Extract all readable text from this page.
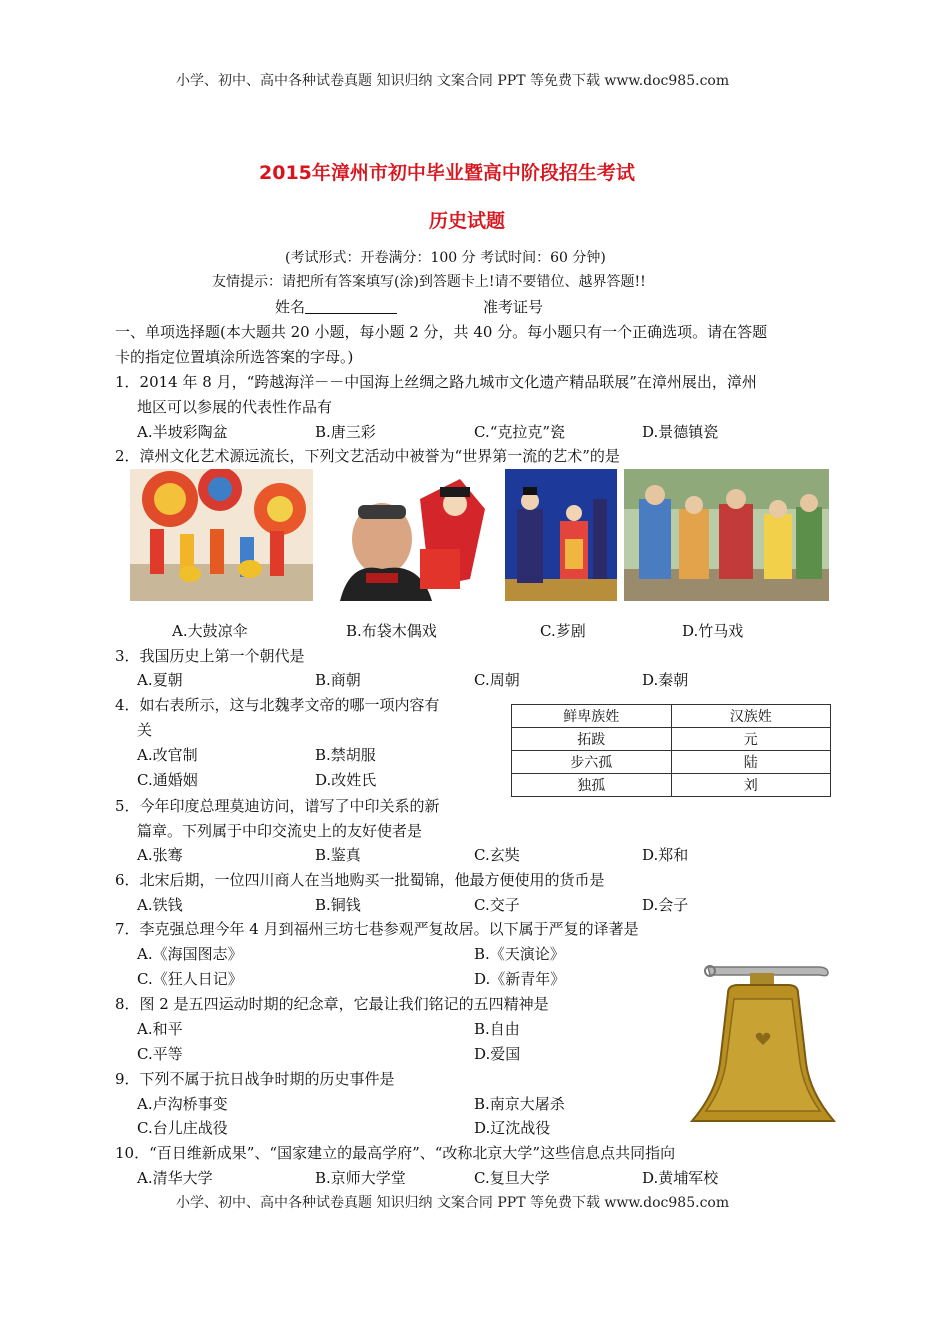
小学、初中、高中各种试卷真题 知识归纳 文案合同 PPT 等免费下载 www.doc985.com
2015年漳州市初中毕业暨高中阶段招生考试
历史试题
(考试形式：开卷满分：100 分 考试时间：60 分钟)
友情提示：请把所有答案填写(涂)到答题卡上!请不要错位、越界答题!!
姓名	准考证号
一、单项选择题(本大题共 20 小题，每小题 2 分，共 40 分。每小题只有一个正确选项。请在答题
卡的指定位置填涂所选答案的字母。)
1．2014 年 8 月，“跨越海洋－－中国海上丝绸之路九城市文化遗产精品联展”在漳州展出，漳州
地区可以参展的代表性作品有
A.半坡彩陶盆	B.唐三彩	C.“克拉克”瓷	D.景德镇瓷
2．漳州文化艺术源远流长，下列文艺活动中被誉为“世界第一流的艺术”的是
A.大鼓凉伞	B.布袋木偶戏	C.芗剧	D.竹马戏
3．我国历史上第一个朝代是
A.夏朝	B.商朝	C.周朝	D.秦朝
4．如右表所示，这与北魏孝文帝的哪一项内容有
关
A.改官制	B.禁胡服
C.通婚姻	D.改姓氏
鲜卑族姓	汉族姓
拓跋	元
步六孤	陆
独孤	刘
5．今年印度总理莫迪访问，谱写了中印关系的新
篇章。下列属于中印交流史上的友好使者是
A.张骞	B.鉴真	C.玄奘	D.郑和
6．北宋后期，一位四川商人在当地购买一批蜀锦，他最方便使用的货币是
A.铁钱	B.铜钱	C.交子	D.会子
7．李克强总理今年 4 月到福州三坊七巷参观严复故居。以下属于严复的译著是
A.《海国图志》	B.《天演论》
C.《狂人日记》	D.《新青年》
8．图 2 是五四运动时期的纪念章，它最让我们铭记的五四精神是
A.和平	B.自由
C.平等	D.爱国
9．下列不属于抗日战争时期的历史事件是
A.卢沟桥事变	B.南京大屠杀
C.台儿庄战役	D.辽沈战役
10．“百日维新成果”、“国家建立的最高学府”、“改称北京大学”这些信息点共同指向
A.清华大学	B.京师大学堂	C.复旦大学	D.黄埔军校
小学、初中、高中各种试卷真题 知识归纳 文案合同 PPT 等免费下载 www.doc985.com
